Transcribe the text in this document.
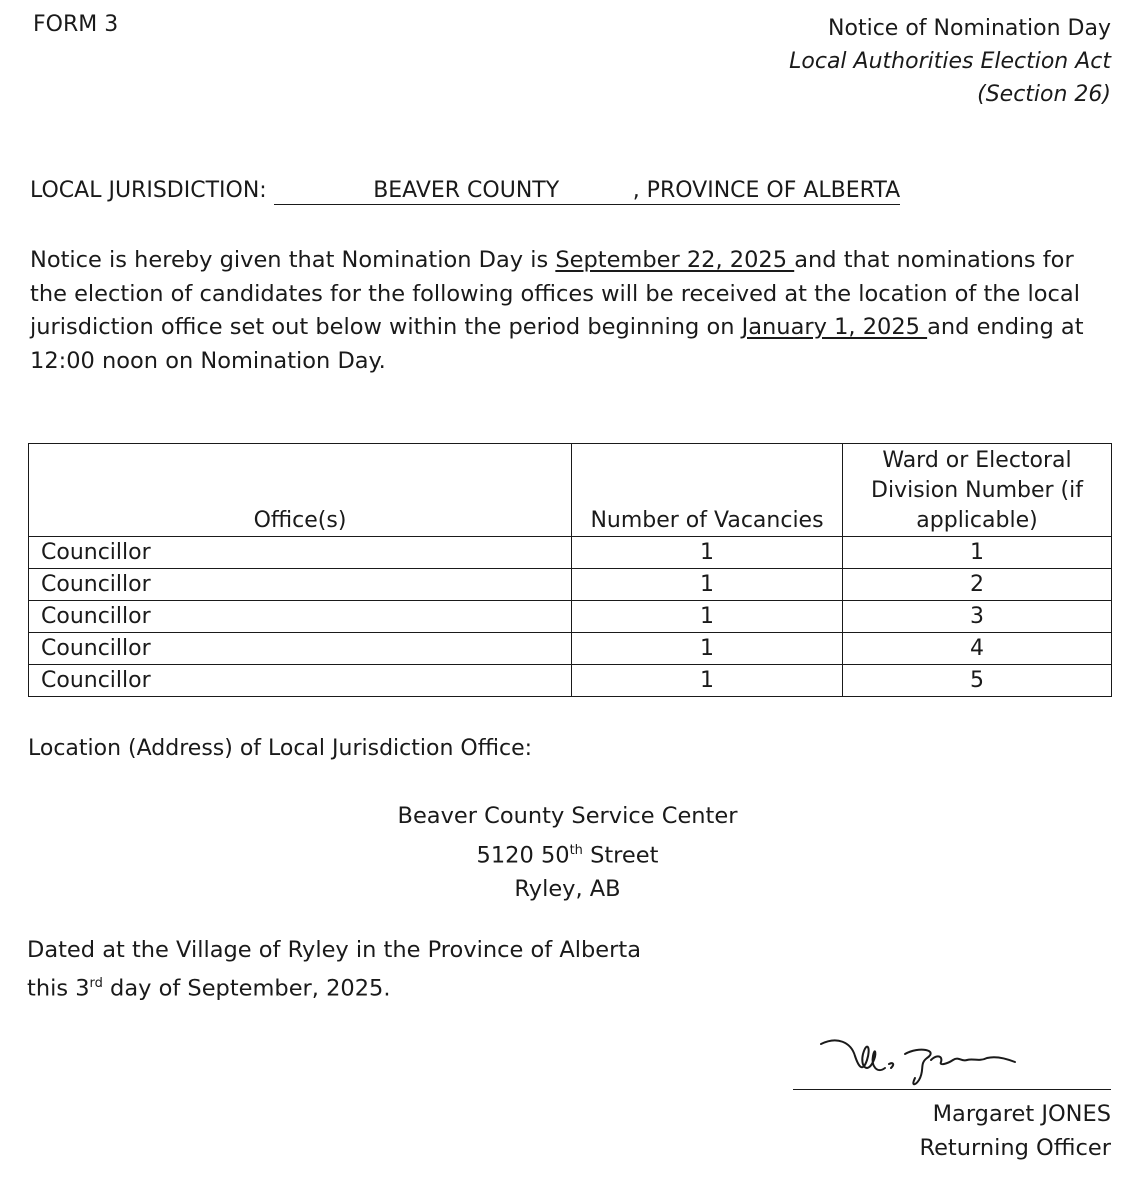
FORM 3	Notice of Nomination Day
Local Authorities Election Act
(Section 26)
LOCAL JURISDICTION:	BEAVER COUNTY	, PROVINCE OF ALBERTA
Notice is hereby given that Nomination Day is September 22, 2025 and that nominations for the election of candidates for the following offices will be received at the location of the local jurisdiction office set out below within the period beginning on January 1, 2025 and ending at 12:00 noon on Nomination Day.
Office(s)	Number of Vacancies	Ward or Electoral Division Number (if applicable)
Councillor	1	1
Councillor	1	2
Councillor	1	3
Councillor	1	4
Councillor	1	5
Location (Address) of Local Jurisdiction Office:
Beaver County Service Center
5120 50th Street
Ryley, AB
Dated at the Village of Ryley in the Province of Alberta
this 3rd day of September, 2025.
Margaret JONES
Returning Officer
